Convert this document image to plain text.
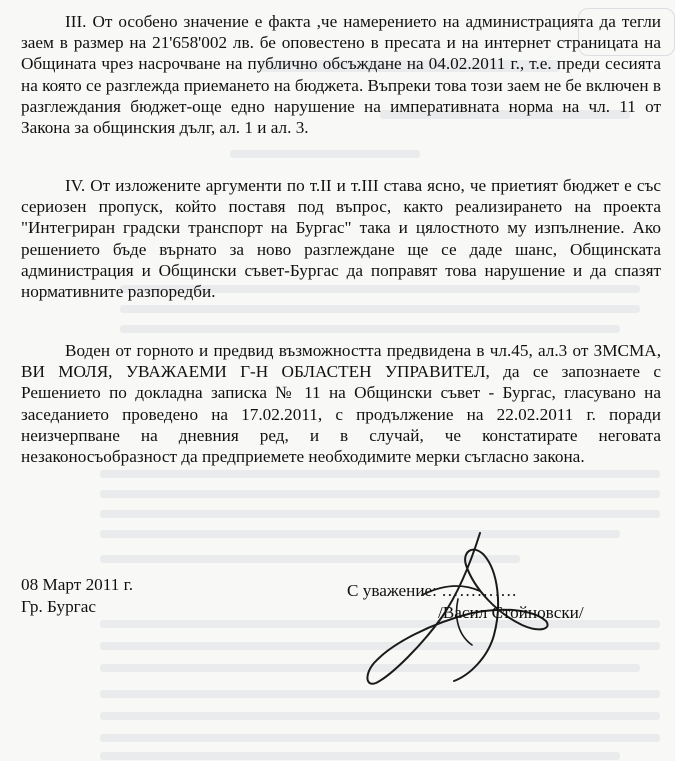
III. От особено значение е факта ,че намерението на администрацията да тегли заем в размер на 21'658'002 лв. бе оповестено в пресата и на интернет страницата на Общината чрез насрочване на публично обсъждане на 04.02.2011 г., т.е. преди сесията на която се разглежда приемането на бюджета. Въпреки това този заем не бе включен в разглеждания бюджет-още едно нарушение на императивната норма на чл. 11 от Закона за общинския дълг, ал. 1 и ал. 3.

IV. От изложените аргументи по т.II и т.III става ясно, че приетият бюджет е със сериозен пропуск, който поставя под въпрос, както реализирането на проекта "Интегриран градски транспорт на Бургас" така и цялостното му изпълнение. Ако решението бъде върнато за ново разглеждане ще се даде шанс, Общинската администрация и Общински съвет-Бургас да поправят това нарушение и да спазят нормативните разпоредби.

Воден от горното и предвид възможността предвидена в чл.45, ал.3 от ЗМСМА, ВИ МОЛЯ, УВАЖАЕМИ Г-Н ОБЛАСТЕН УПРАВИТЕЛ, да се запознаете с Решението по докладна записка № 11 на Общински съвет - Бургас, гласувано на заседанието проведено на 17.02.2011, с продължение на 22.02.2011 г. поради неизчерпване на дневния ред, и в случай, че констатирате неговата незаконосъобразност да предприемете необходимите мерки съгласно закона.

08 Март 2011 г.
Гр. Бургас
С уважение: ………….
/Васил Стойновски/
